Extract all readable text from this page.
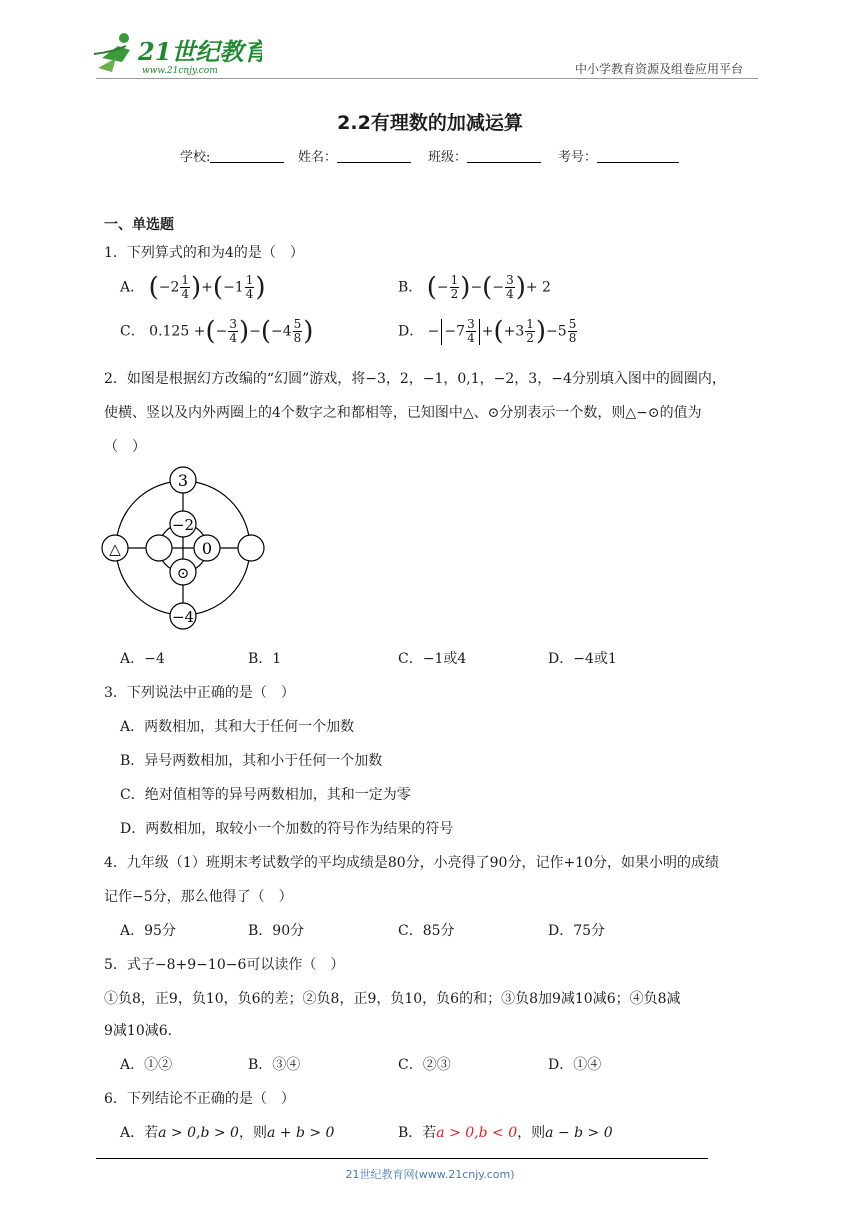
21世纪教育
www.21cnjy.com	中小学教育资源及组卷应用平台
2.2有理数的加减运算
学校:	姓名：	班级：	考号：
一、单选题
1．下列算式的和为4的是（　）
A． $(-2 \frac{1}{4} )+(-1 \frac{1}{4}$ )	B． (− $\frac{1}{2}$ )−(− $\frac{3}{4}$ )+ 2
C． 0.125 +(− $\frac{3}{4} )-(-4 \frac{5}{8}$ )	D． − $-7 \frac{3}{4} +(+3 \frac{1}{2} )-5 \frac{5}{8}$
2．如图是根据幻方改编的“幻圆”游戏，将−3，2，−1，0,1，−2，3，−4分别填入图中的圆圈内，
使横、竖以及内外两圈上的4个数字之和都相等，已知图中△、⊙分别表示一个数，则△−⊙的值为
（　）
3
−2
0
⊙
△
−4
A．−4	B．1	C．−1或4	D．−4或1
3．下列说法中正确的是（　）
A．两数相加，其和大于任何一个加数
B．异号两数相加，其和小于任何一个加数
C．绝对值相等的异号两数相加，其和一定为零
D．两数相加，取较小一个加数的符号作为结果的符号
4．九年级（1）班期末考试数学的平均成绩是80分，小亮得了90分，记作+10分，如果小明的成绩
记作−5分，那么他得了（　）
A．95分	B．90分	C．85分	D．75分
5．式子−8+9−10−6可以读作（　）
①负8，正9，负10，负6的差；②负8，正9，负10，负6的和；③负8加9减10减6；④负8减
9减10减6．
A．①②	B．③④	C．②③	D．①④
6．下列结论不正确的是（　）
A．若a > 0,b > 0，则a + b > 0	B．若a > 0,b < 0，则a − b > 0
21世纪教育网(www.21cnjy.com)
